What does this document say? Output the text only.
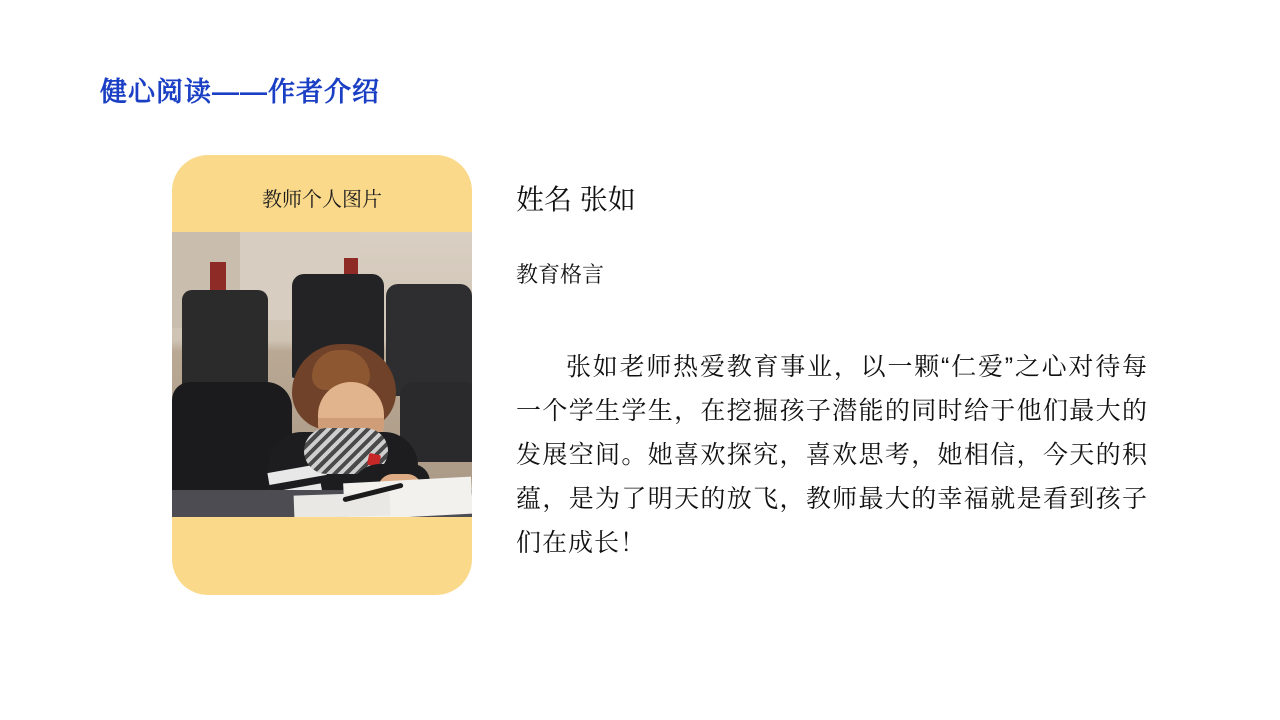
健心阅读——作者介绍
教师个人图片	姓名 张如
教育格言
张如老师热爱教育事业，以一颗“仁爱”之心对待每一个学生学生，在挖掘孩子潜能的同时给于他们最大的发展空间。她喜欢探究，喜欢思考，她相信，今天的积蕴，是为了明天的放飞，教师最大的幸福就是看到孩子们在成长！
